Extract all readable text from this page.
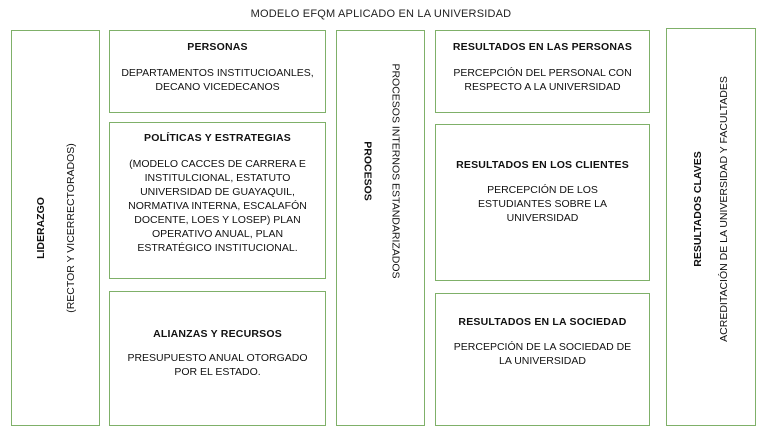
MODELO EFQM APLICADO EN LA UNIVERSIDAD
LIDERAZGO (RECTOR Y VICERRECTORADOS)
PERSONAS
DEPARTAMENTOS INSTITUCIOANLES, DECANO VICEDECANOS
POLÍTICAS Y ESTRATEGIAS
(MODELO CACCES DE CARRERA E INSTITULCIONAL, ESTATUTO UNIVERSIDAD DE GUAYAQUIL, NORMATIVA INTERNA, ESCALAFÓN DOCENTE, LOES Y LOSEP) PLAN OPERATIVO ANUAL, PLAN ESTRATÉGICO INSTITUCIONAL.
ALIANZAS Y RECURSOS
PRESUPUESTO ANUAL OTORGADO POR EL ESTADO.
PROCESOS INTERNOS ESTANDARIZADOS
PROCESOS
RESULTADOS EN LAS PERSONAS
PERCEPCIÓN DEL PERSONAL CON RESPECTO A LA UNIVERSIDAD
RESULTADOS EN LOS CLIENTES
PERCEPCIÓN DE LOS ESTUDIANTES SOBRE LA UNIVERSIDAD
RESULTADOS EN LA SOCIEDAD
PERCEPCIÓN DE LA SOCIEDAD DE LA UNIVERSIDAD
RESULTADOS CLAVES ACREDITACIÓN DE LA UNIVERSIDAD Y FACULTADES
